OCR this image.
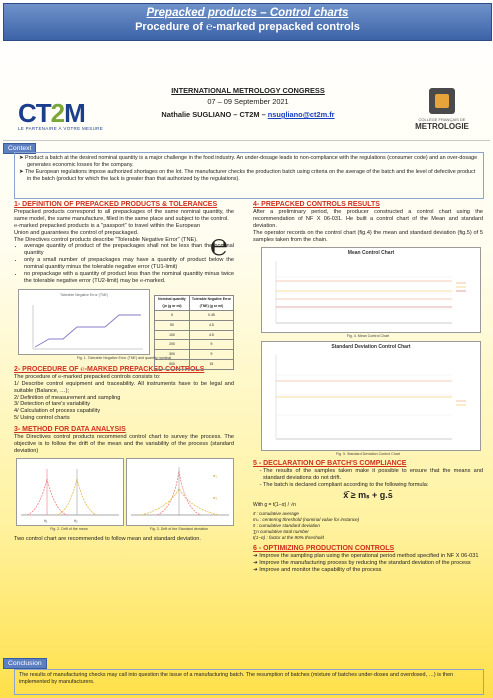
Prepacked products – Control charts
Procedure of ℮-marked prepacked controls
CT2M
LE PARTENAIRE À VOTRE MESURE
INTERNATIONAL METROLOGY CONGRESS
07 – 09 September 2021
Nathalie SUGLIANO – CT2M – nsugliano@ct2m.fr
COLLÈGE FRANÇAIS DE
METROLOGIE
Context

➤ Product a batch at the desired nominal quantity is a major challenge in the food industry. An under-dosage leads to non-compliance with the regulations (consumer code) and an over-dosage generates economic losses for the company.

➤ The European regulations impose authorized shortages on the lot. The manufacturer checks the production batch using criteria on the average of the batch and the level of defective product in the batch (product for which the lack is greater than that authorized by the regulations).

1- DEFINITION OF PREPACKED PRODUCTS & TOLERANCES

Prepacked products correspond to all prepackages of the same nominal quantity, the same model, the same manufacture, filled in the same place and subject to the control.
℮-marked prepacked products is a "passport" to travel within the European Union and guarantees the control of prepackaged.	℮
The Directives control products describe "Tolerable Negative Error" (TNE).
• average quantity of product of the prepackages shall not be less than the nominal quantity
• only a small number of prepackages may have a quantity of product below the nominal quantity minus the tolerable negative error (TU1-limit)
• no prepackage with a quantity of product less than the nominal quantity minus twice the tolerable negative error (TU2-limit) may be ℮-marked.
Tolerable Negative Error (TNE)
Nominal quantity Qn (g or ml)	Tolerable Negative Error (TNE) (g or ml)
5	0.45
50	4.5
100	4.5
200	9
300	9
500	15
Fig. 1. Tolerable Negative Error (TNE) and quantity nominal

2- PROCEDURE OF ℮-MARKED PREPACKED CONTROLS

The procedure of ℮-marked prepacked controls consists to:
1/ Describe control equipment and traceability. All instruments have to be legal and suitable (Balance, …);
2/ Definition of measurement and sampling
3/ Detection of tare's variability
4/ Calculation of process capability
5/ Using control charts

3- METHOD FOR DATA ANALYSIS

The Directives control products recommend control chart to survey the process. The objective is to follow the drift of the mean and the variability of the process (standard deviation)
x̄₁	x̄₂
σ₁
σ₂
Fig. 2. Drift of the mean	Fig. 3. Drift of the Standard deviation
Two control chart are recommended to follow mean and standard deviation.

4- PREPACKED CONTROLS RESULTS

After a preliminary period, the producer constructed a control chart using the recommendation of NF X 06-031. He built a control chart of the Mean and standard deviation.
The operator records on the control chart (fig.4) the mean and standard deviation (fig.5) of 5 samples taken from the chain.
Mean Control Chart
Fig. 4. Mean Control Chart
Standard Deviation Control Chart
Fig. 5. Standard Deviation Control Chart

5 - DECLARATION OF BATCH'S COMPLIANCE

- The results of the samples taken make it possible to ensure that the means and standard deviations do not drift.
- The batch is declared compliant according to the following formula:
x̄̄ ≥ mₛ + g.s̄
With g = t(1−α) / √n
x̄̄ : cumulative average
mₛ : centering threshold (nominal value for instance)
s̄ : cumulative standard deviation
∑n cumulative total number
t(1−α) : factor at the 90% threshold

6 - OPTIMIZING PRODUCTION CONTROLS

➔ Improve the sampling plan using the operational period method specified in NF X 06-031
➔ Improve the manufacturing process by reducing the standard deviation of the process
➔ Improve and monitor the capability of the process
Conclusion
The results of manufacturing checks may call into question the issue of a manufacturing batch. The resumption of batches (mixture of batches under-doses and overdosed, …) is then implemented by manufacturers.
